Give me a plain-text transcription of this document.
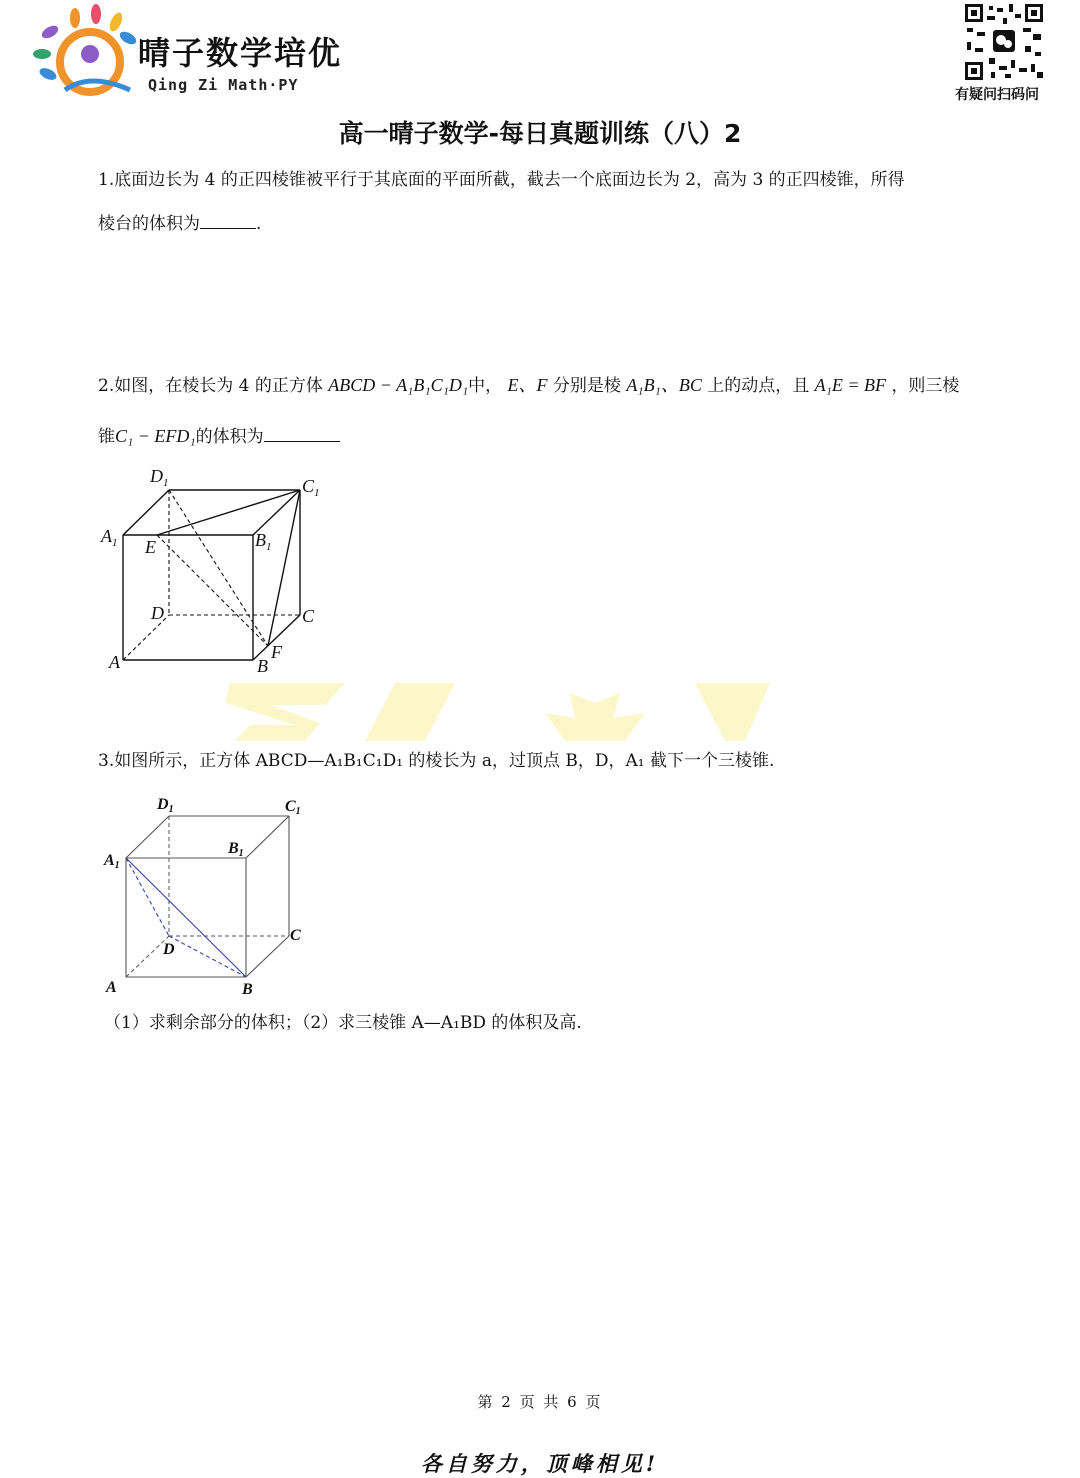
晴子数学培优
Qing Zi Math·PY
有疑问扫码问
高一晴子数学-每日真题训练（八）2
1.底面边长为 4 的正四棱锥被平行于其底面的平面所截，截去一个底面边长为 2，高为 3 的正四棱锥，所得
棱台的体积为	.
2.如图，在棱长为 4 的正方体 ABCD − A₁B₁C₁D₁中， E、F 分别是棱 A₁B₁、BC 上的动点，且 A₁E = BF ，则三棱
锥C₁ − EFD₁的体积为
$D_1$	$C_1$
$A_1$	$B_1$
E
D	C
A	B
F
3.如图所示，正方体 ABCD—A₁B₁C₁D₁ 的棱长为 a，过顶点 B，D，A₁ 截下一个三棱锥.
D1	C1
A1
B1
D
C
A	B
（1）求剩余部分的体积；（2）求三棱锥 A—A₁BD 的体积及高.
第 2 页 共 6 页
各自努力，顶峰相见!
